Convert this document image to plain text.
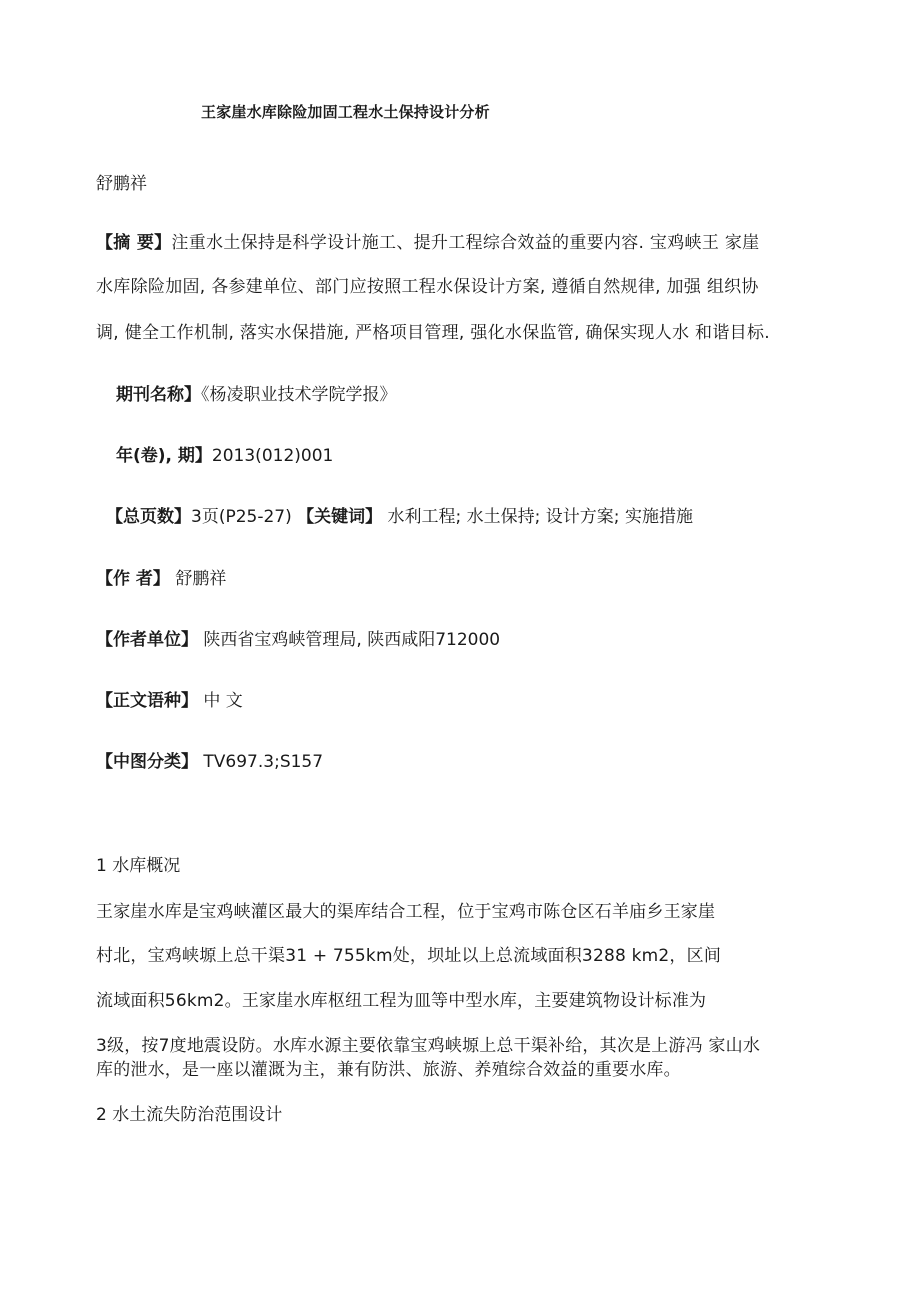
王家崖水库除险加固工程水土保持设计分析
舒鹏祥
【摘 要】注重水土保持是科学设计施工、提升工程综合效益的重要内容. 宝鸡峡王 家崖
水库除险加固, 各参建单位、部门应按照工程水保设计方案, 遵循自然规律, 加强 组织协
调, 健全工作机制, 落实水保措施, 严格项目管理, 强化水保监管, 确保实现人水 和谐目标.
期刊名称】《杨凌职业技术学院学报》
年(卷), 期】2013(012)001
【总页数】3页(P25-27) 【关键词】 水利工程; 水土保持; 设计方案; 实施措施
【作 者】 舒鹏祥
【作者单位】 陕西省宝鸡峡管理局, 陕西咸阳712000
【正文语种】 中 文
【中图分类】 TV697.3;S157
1 水库概况
王家崖水库是宝鸡峡灌区最大的渠库结合工程，位于宝鸡市陈仓区石羊庙乡王家崖
村北，宝鸡峡塬上总干渠31 + 755km处，坝址以上总流域面积3288 km2，区间
流域面积56km2。王家崖水库枢纽工程为皿等中型水库，主要建筑物设计标准为
3级，按7度地震设防。水库水源主要依靠宝鸡峡塬上总干渠补给，其次是上游冯 家山水
库的泄水，是一座以灌溉为主，兼有防洪、旅游、养殖综合效益的重要水库。
2 水土流失防治范围设计
